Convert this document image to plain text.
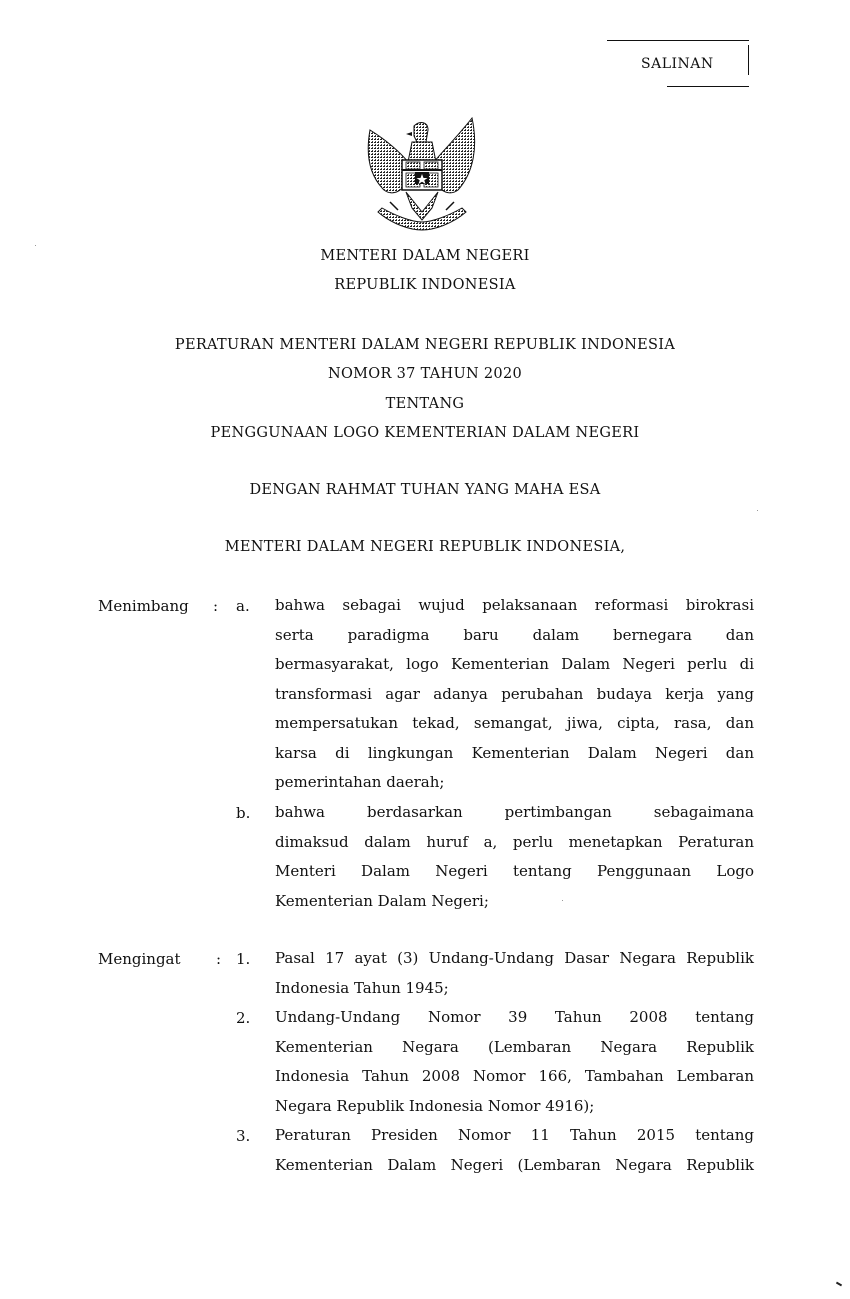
SALINAN
MENTERI DALAM NEGERI
REPUBLIK INDONESIA
PERATURAN MENTERI DALAM NEGERI REPUBLIK INDONESIA
NOMOR 37 TAHUN 2020
TENTANG
PENGGUNAAN LOGO KEMENTERIAN DALAM NEGERI
DENGAN RAHMAT TUHAN YANG MAHA ESA
MENTERI DALAM NEGERI REPUBLIK INDONESIA,
Menimbang : a. bahwa sebagai wujud pelaksanaan reformasi birokrasi
serta paradigma baru dalam bernegara dan
bermasyarakat, logo Kementerian Dalam Negeri perlu di
transformasi agar adanya perubahan budaya kerja yang
mempersatukan tekad, semangat, jiwa, cipta, rasa, dan
karsa di lingkungan Kementerian Dalam Negeri dan
pemerintahan daerah;
b. bahwa berdasarkan pertimbangan sebagaimana
dimaksud dalam huruf a, perlu menetapkan Peraturan
Menteri Dalam Negeri tentang Penggunaan Logo
Kementerian Dalam Negeri;
Mengingat : 1. Pasal 17 ayat (3) Undang-Undang Dasar Negara Republik
Indonesia Tahun 1945;
2. Undang-Undang Nomor 39 Tahun 2008 tentang
Kementerian Negara (Lembaran Negara Republik
Indonesia Tahun 2008 Nomor 166, Tambahan Lembaran
Negara Republik Indonesia Nomor 4916);
3. Peraturan Presiden Nomor 11 Tahun 2015 tentang
Kementerian Dalam Negeri (Lembaran Negara Republik
